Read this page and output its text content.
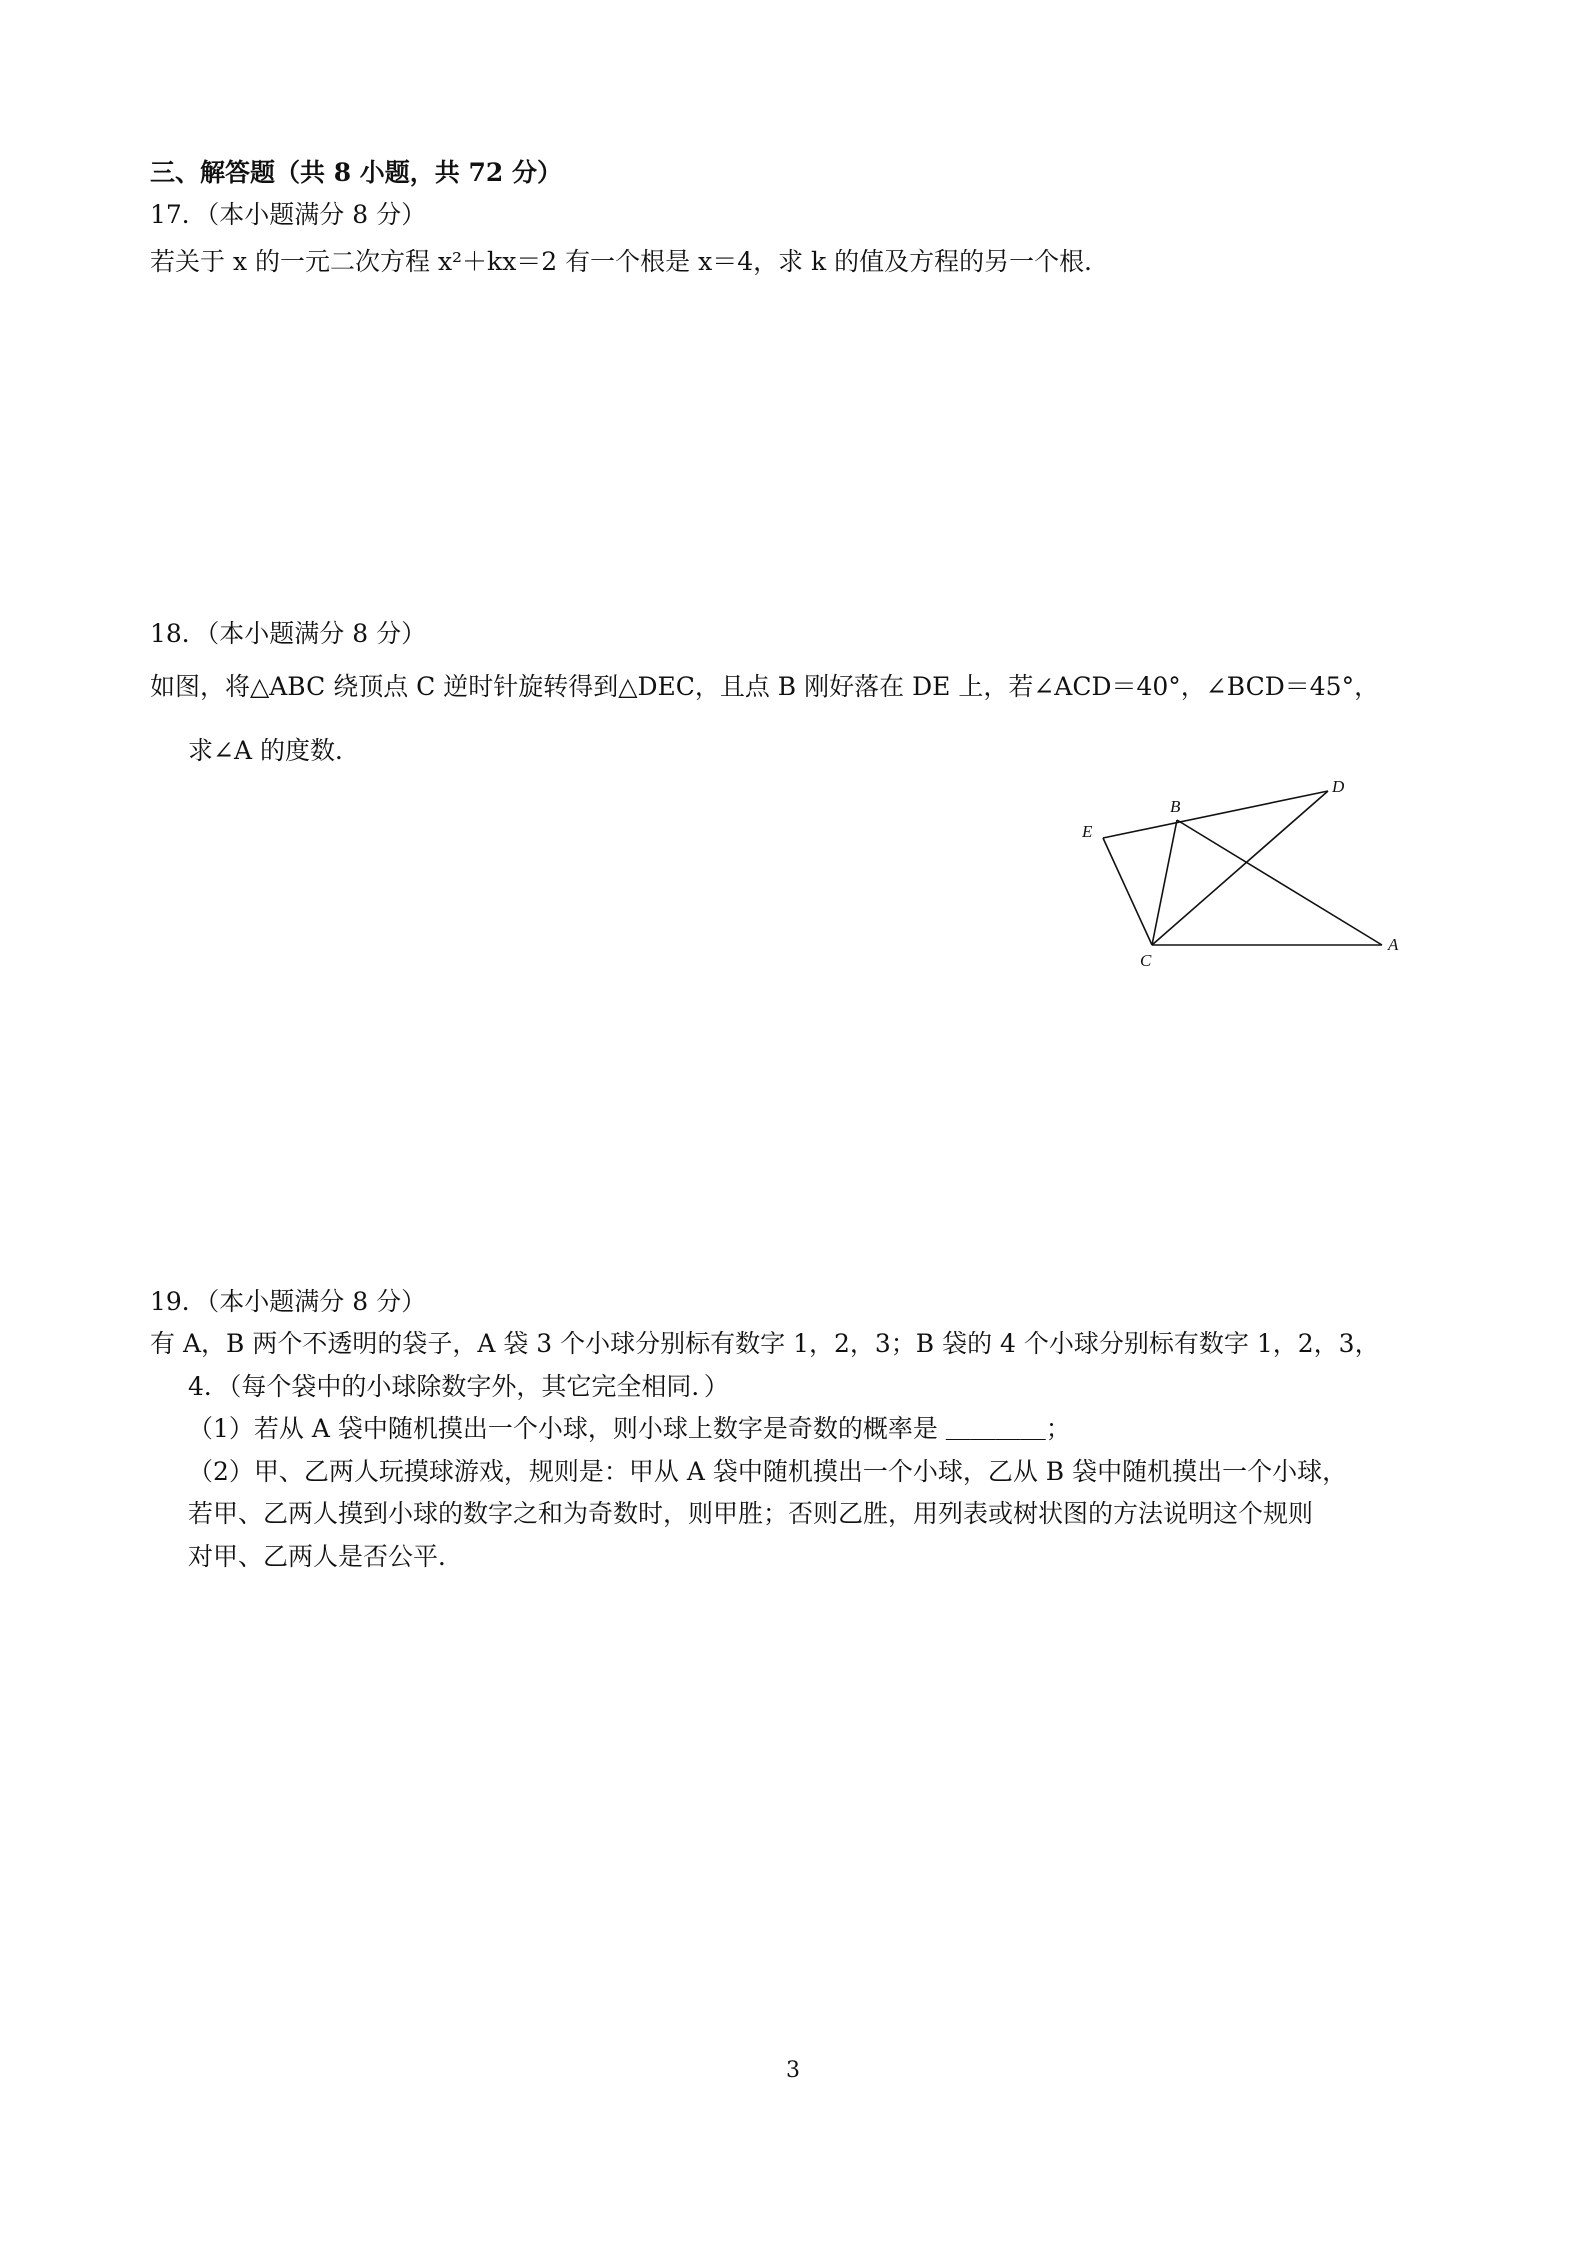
三、解答题（共 8 小题，共 72 分）
17．（本小题满分 8 分）
若关于 x 的一元二次方程 x²＋kx＝2 有一个根是 x＝4，求 k 的值及方程的另一个根．
18．（本小题满分 8 分）
如图，将△ABC 绕顶点 C 逆时针旋转得到△DEC，且点 B 刚好落在 DE 上，若∠ACD＝40°，∠BCD＝45°，
求∠A 的度数．
E
B
D
C
A
19．（本小题满分 8 分）
有 A，B 两个不透明的袋子，A 袋 3 个小球分别标有数字 1，2，3；B 袋的 4 个小球分别标有数字 1，2，3，
4．（每个袋中的小球除数字外，其它完全相同．）
（1）若从 A 袋中随机摸出一个小球，则小球上数字是奇数的概率是 ＿＿＿＿；
（2）甲、乙两人玩摸球游戏，规则是：甲从 A 袋中随机摸出一个小球，乙从 B 袋中随机摸出一个小球，
若甲、乙两人摸到小球的数字之和为奇数时，则甲胜；否则乙胜，用列表或树状图的方法说明这个规则
对甲、乙两人是否公平．
3
